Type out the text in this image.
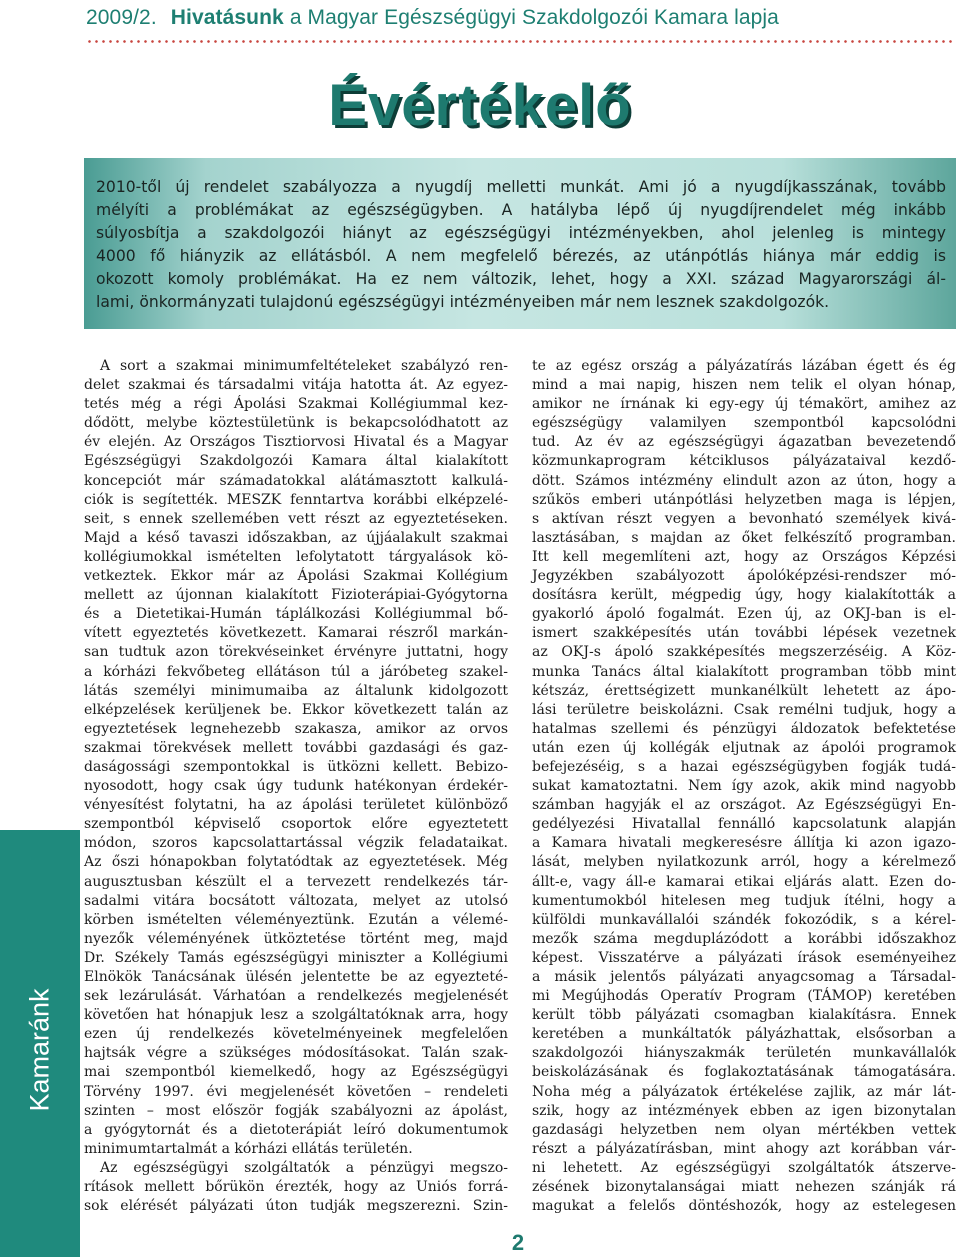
2009/2. Hivatásunk a Magyar Egészségügyi Szakdolgozói Kamara lapja
Évértékelő
2010-től új rendelet szabályozza a nyugdíj melletti munkát. Ami jó a nyugdíjkasszának, tovább
mélyíti a problémákat az egészségügyben. A hatályba lépő új nyugdíjrendelet még inkább
súlyosbítja a szakdolgozói hiányt az egészségügyi intézményekben, ahol jelenleg is mintegy
4000 fő hiányzik az ellátásból. A nem megfelelő bérezés, az utánpótlás hiánya már eddig is
okozott komoly problémákat. Ha ez nem változik, lehet, hogy a XXI. század Magyarországi ál-
lami, önkormányzati tulajdonú egészségügyi intézményeiben már nem lesznek szakdolgozók.
Kamaránk
A sort a szakmai minimumfeltételeket szabályzó ren-
delet szakmai és társadalmi vitája hatotta át. Az egyez-
tetés még a régi Ápolási Szakmai Kollégiummal kez-
dődött, melybe köztestületünk is bekapcsolódhatott az
év elején. Az Országos Tisztiorvosi Hivatal és a Magyar
Egészségügyi Szakdolgozói Kamara által kialakított
koncepciót már számadatokkal alátámasztott kalkulá-
ciók is segítették. MESZK fenntartva korábbi elképzelé-
seit, s ennek szellemében vett részt az egyeztetéseken.
Majd a késő tavaszi időszakban, az újjáalakult szakmai
kollégiumokkal ismételten lefolytatott tárgyalások kö-
vetkeztek. Ekkor már az Ápolási Szakmai Kollégium
mellett az újonnan kialakított Fizioterápiai-Gyógytorna
és a Dietetikai-Humán táplálkozási Kollégiummal bő-
vített egyeztetés következett. Kamarai részről markán-
san tudtuk azon törekvéseinket érvényre juttatni, hogy
a kórházi fekvőbeteg ellátáson túl a járóbeteg szakel-
látás személyi minimumaiba az általunk kidolgozott
elképzelések kerüljenek be. Ekkor következett talán az
egyeztetések legnehezebb szakasza, amikor az orvos
szakmai törekvések mellett további gazdasági és gaz-
daságossági szempontokkal is ütközni kellett. Bebizo-
nyosodott, hogy csak úgy tudunk hatékonyan érdekér-
vényesítést folytatni, ha az ápolási területet különböző
szempontból képviselő csoportok előre egyeztetett
módon, szoros kapcsolattartással végzik feladataikat.
Az őszi hónapokban folytatódtak az egyeztetések. Még
augusztusban készült el a tervezett rendelkezés tár-
sadalmi vitára bocsátott változata, melyet az utolsó
körben ismételten véleményeztünk. Ezután a vélemé-
nyezők véleményének ütköztetése történt meg, majd
Dr. Székely Tamás egészségügyi miniszter a Kollégiumi
Elnökök Tanácsának ülésén jelentette be az egyezteté-
sek lezárulását. Várhatóan a rendelkezés megjelenését
követően hat hónapjuk lesz a szolgáltatóknak arra, hogy
ezen új rendelkezés követelményeinek megfelelően
hajtsák végre a szükséges módosításokat. Talán szak-
mai szempontból kiemelkedő, hogy az Egészségügyi
Törvény 1997. évi megjelenését követően – rendeleti
szinten – most először fogják szabályozni az ápolást,
a gyógytornát és a dietoterápiát leíró dokumentumok
minimumtartalmát a kórházi ellátás területén.
Az egészségügyi szolgáltatók a pénzügyi megszo-
rítások mellett bőrükön érezték, hogy az Uniós forrá-
sok elérését pályázati úton tudják megszerezni. Szin-
te az egész ország a pályázatírás lázában égett és ég
mind a mai napig, hiszen nem telik el olyan hónap,
amikor ne írnának ki egy-egy új témakört, amihez az
egészségügy valamilyen szempontból kapcsolódni
tud. Az év az egészségügyi ágazatban bevezetendő
közmunkaprogram kétciklusos pályázataival kezdő-
dött. Számos intézmény elindult azon az úton, hogy a
szűkös emberi utánpótlási helyzetben maga is lépjen,
s aktívan részt vegyen a bevonható személyek kivá-
lasztásában, s majdan az őket felkészítő programban.
Itt kell megemlíteni azt, hogy az Országos Képzési
Jegyzékben szabályozott ápolóképzési-rendszer mó-
dosításra került, mégpedig úgy, hogy kialakították a
gyakorló ápoló fogalmát. Ezen új, az OKJ-ban is el-
ismert szakképesítés után további lépések vezetnek
az OKJ-s ápoló szakképesítés megszerzéséig. A Köz-
munka Tanács által kialakított programban több mint
kétszáz, érettségizett munkanélkült lehetett az ápo-
lási területre beiskolázni. Csak remélni tudjuk, hogy a
hatalmas szellemi és pénzügyi áldozatok befektetése
után ezen új kollégák eljutnak az ápolói programok
befejezéséig, s a hazai egészségügyben fogják tudá-
sukat kamatoztatni. Nem így azok, akik mind nagyobb
számban hagyják el az országot. Az Egészségügyi En-
gedélyezési Hivatallal fennálló kapcsolatunk alapján
a Kamara hivatali megkeresésre állítja ki azon igazo-
lását, melyben nyilatkozunk arról, hogy a kérelmező
állt-e, vagy áll-e kamarai etikai eljárás alatt. Ezen do-
kumentumokból hitelesen meg tudjuk ítélni, hogy a
külföldi munkavállalói szándék fokozódik, s a kérel-
mezők száma megduplázódott a korábbi időszakhoz
képest. Visszatérve a pályázati írások eseményeihez
a másik jelentős pályázati anyagcsomag a Társadal-
mi Megújhodás Operatív Program (TÁMOP) keretében
került több pályázati csomagban kialakításra. Ennek
keretében a munkáltatók pályázhattak, elsősorban a
szakdolgozói hiányszakmák területén munkavállalók
beiskolázásának és foglakoztatásának támogatására.
Noha még a pályázatok értékelése zajlik, az már lát-
szik, hogy az intézmények ebben az igen bizonytalan
gazdasági helyzetben nem olyan mértékben vettek
részt a pályázatírásban, mint ahogy azt korábban vár-
ni lehetett. Az egészségügyi szolgáltatók átszerve-
zésének bizonytalanságai miatt nehezen szánják rá
magukat a felelős döntéshozók, hogy az estelegesen
2
